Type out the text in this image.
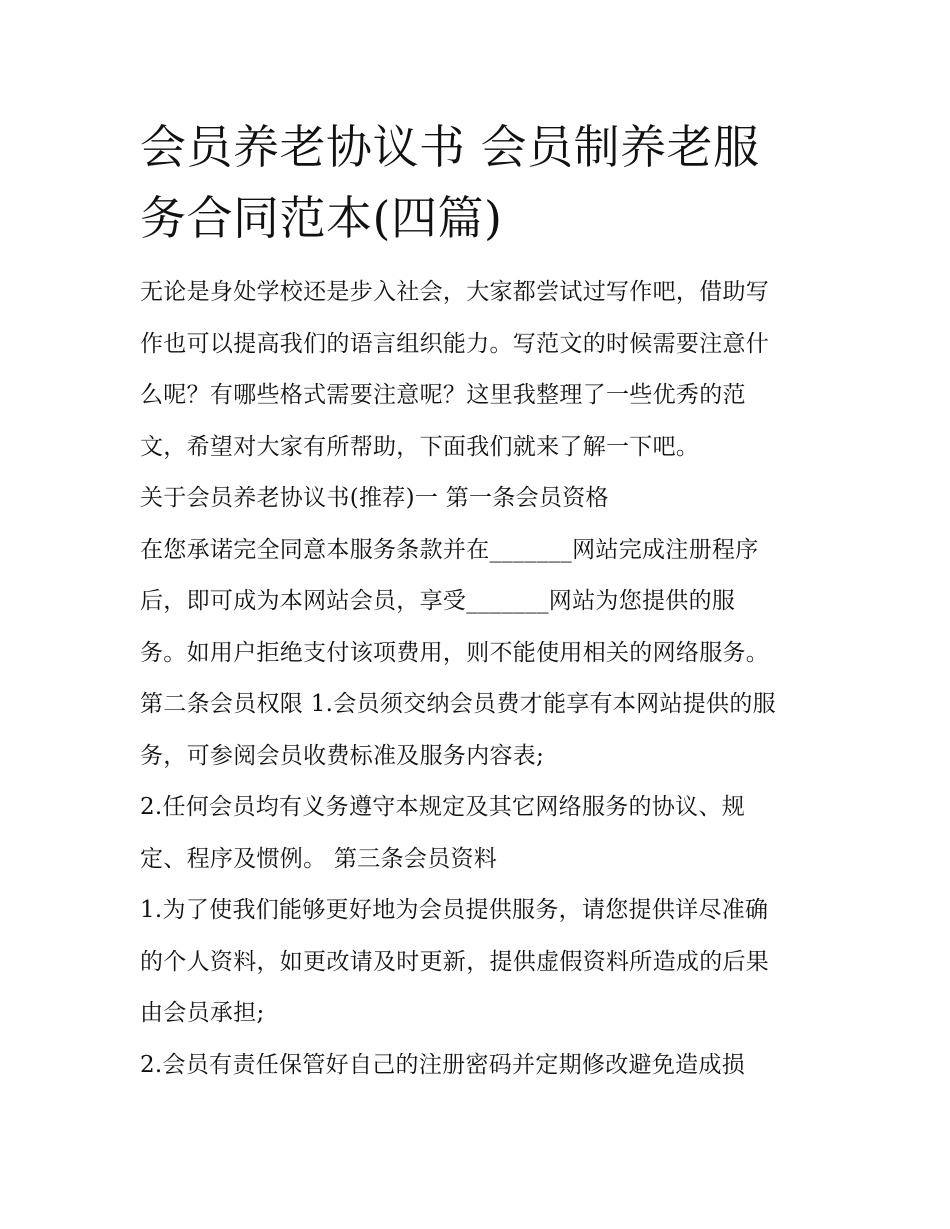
会员养老协议书 会员制养老服
务合同范本(四篇)

无论是身处学校还是步入社会，大家都尝试过写作吧，借助写

作也可以提高我们的语言组织能力。写范文的时候需要注意什

么呢？有哪些格式需要注意呢？这里我整理了一些优秀的范

文，希望对大家有所帮助，下面我们就来了解一下吧。

关于会员养老协议书(推荐)一 第一条会员资格

在您承诺完全同意本服务条款并在_______网站完成注册程序

后，即可成为本网站会员，享受_______网站为您提供的服

务。如用户拒绝支付该项费用，则不能使用相关的网络服务。

第二条会员权限 1.会员须交纳会员费才能享有本网站提供的服

务，可参阅会员收费标准及服务内容表;

2.任何会员均有义务遵守本规定及其它网络服务的协议、规

定、程序及惯例。 第三条会员资料

1.为了使我们能够更好地为会员提供服务，请您提供详尽准确

的个人资料，如更改请及时更新，提供虚假资料所造成的后果

由会员承担;

2.会员有责任保管好自己的注册密码并定期修改避免造成损
